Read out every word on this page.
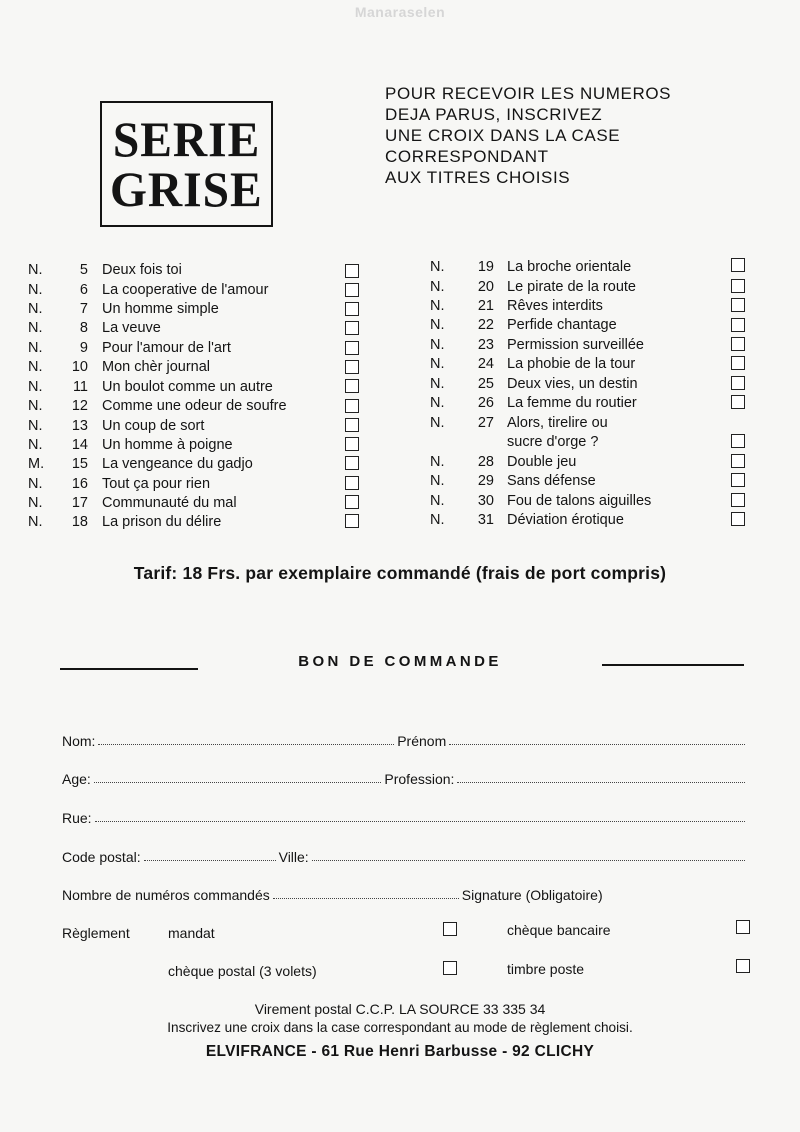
Manaraselen
SERIE
GRISE
POUR RECEVOIR LES NUMEROS
DEJA PARUS, INSCRIVEZ
UNE CROIX DANS LA CASE
CORRESPONDANT
AUX TITRES CHOISIS
N.	5 Deux fois toi
N.	6 La cooperative de l'amour
N.	7 Un homme simple
N.	8 La veuve
N.	9 Pour l'amour de l'art
N.	10 Mon chèr journal
N.	11 Un boulot comme un autre
N.	12 Comme une odeur de soufre
N.	13 Un coup de sort
N.	14 Un homme à poigne
M.	15 La vengeance du gadjo
N.	16 Tout ça pour rien
N.	17 Communauté du mal
N.	18 La prison du délire
N.	19 La broche orientale
N.	20 Le pirate de la route
N.	21 Rêves interdits
N.	22 Perfide chantage
N.	23 Permission surveillée
N.	24 La phobie de la tour
N.	25 Deux vies, un destin
N.	26 La femme du routier
N.	27 Alors, tirelire ou
sucre d'orge ?
N.	28 Double jeu
N.	29 Sans défense
N.	30 Fou de talons aiguilles
N.	31 Déviation érotique
Tarif: 18 Frs. par exemplaire commandé (frais de port compris)
BON DE COMMANDE
Nom:	Prénom
Age:	Profession:
Rue:
Code postal:	Ville:
Nombre de numéros commandés	Signature (Obligatoire)
Règlement	mandat	chèque bancaire
chèque postal (3 volets)	timbre poste
Virement postal C.C.P. LA SOURCE 33 335 34
Inscrivez une croix dans la case correspondant au mode de règlement choisi.
ELVIFRANCE - 61 Rue Henri Barbusse - 92 CLICHY
